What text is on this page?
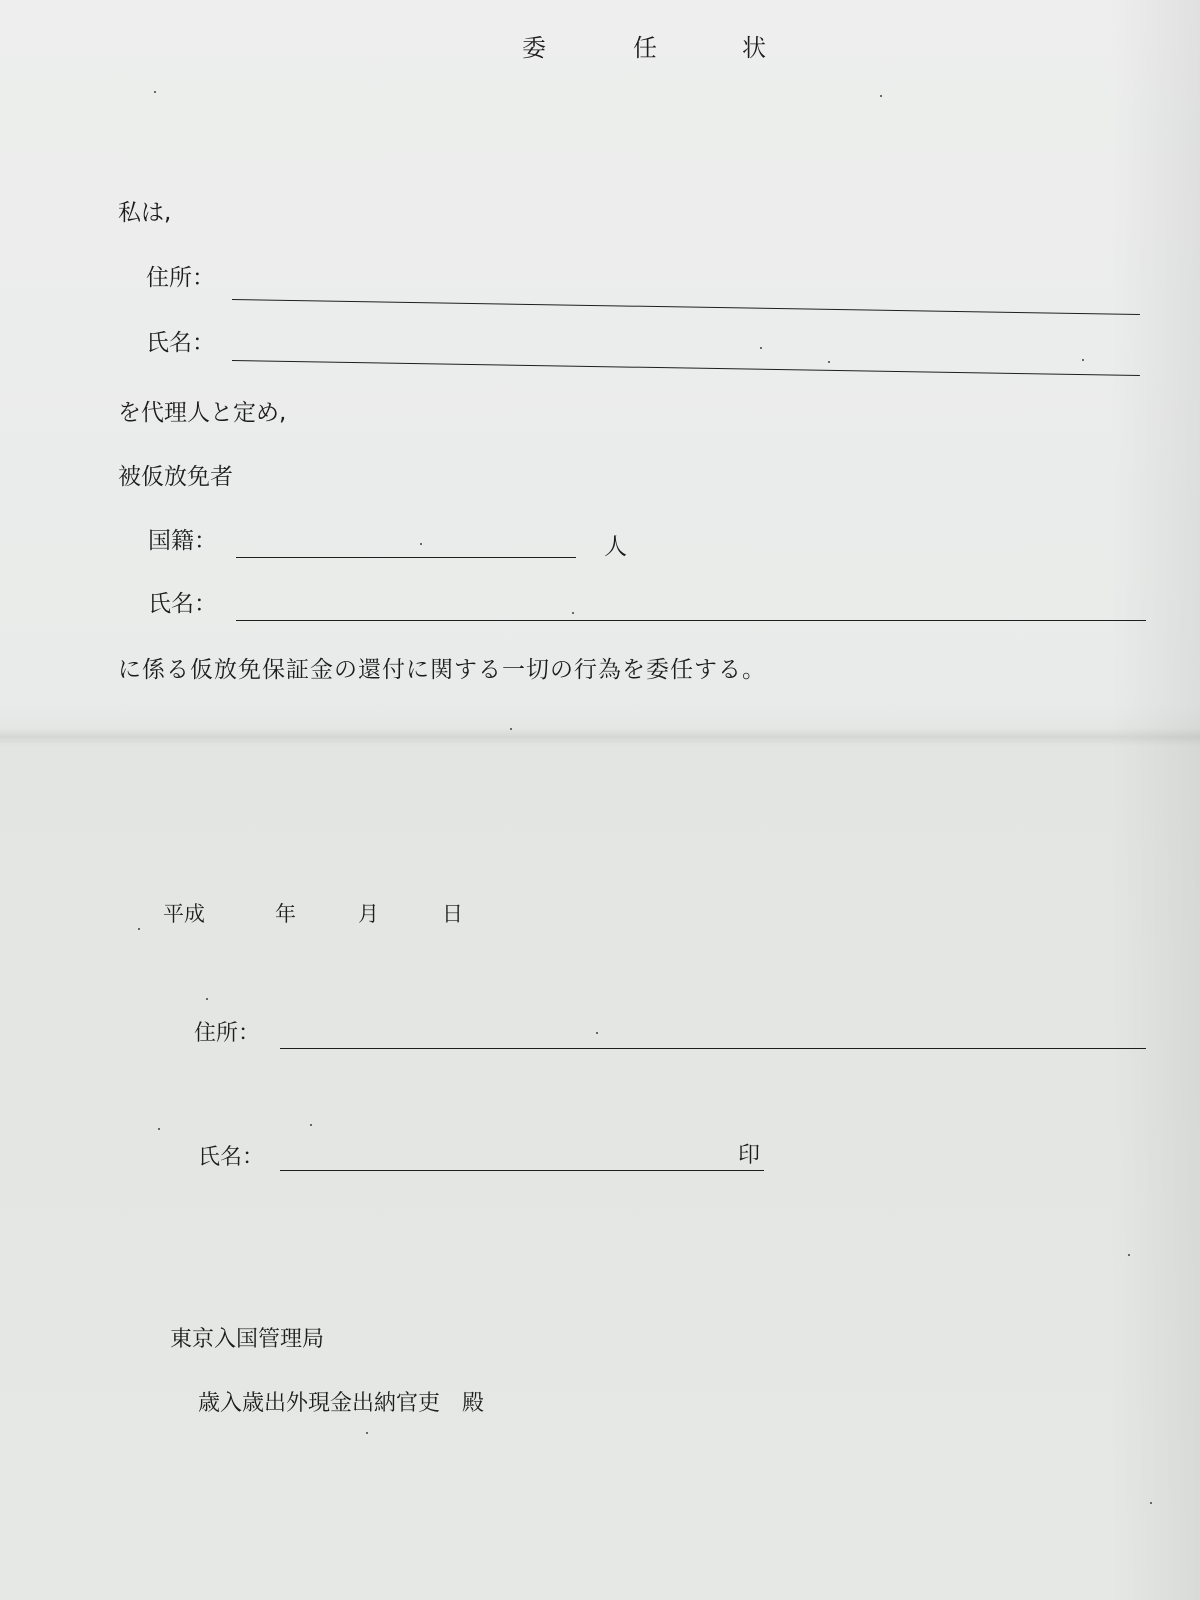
委	任	状
私は,
住所：
氏名：
を代理人と定め,
被仮放免者
国籍：	人
氏名：
に係る仮放免保証金の還付に関する一切の行為を委任する。
平成	年	月	日
住所：
氏名：	印
東京入国管理局
歳入歳出外現金出納官吏　殿
